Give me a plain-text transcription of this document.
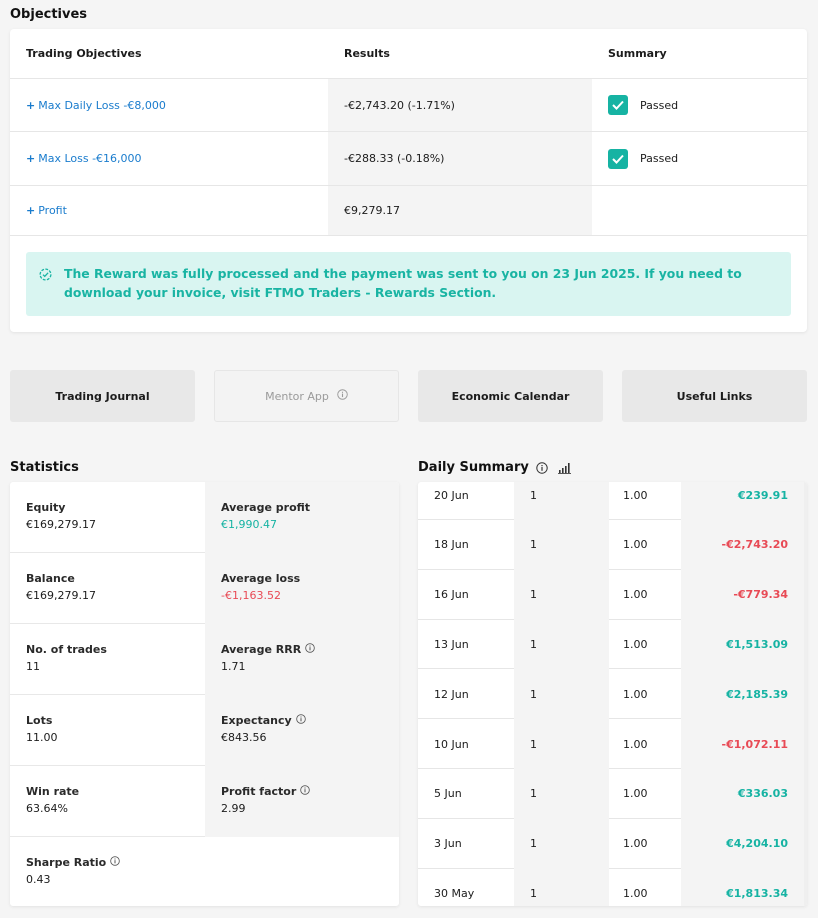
Objectives
Trading Objectives	Results	Summary
+ Max Daily Loss -€8,000	-€2,743.20 (-1.71%)	Passed
+ Max Loss -€16,000	-€288.33 (-0.18%)	Passed
+ Profit	€9,279.17
The Reward was fully processed and the payment was sent to you on 23 Jun 2025. If you need to download your invoice, visit FTMO Traders - Rewards Section.
Trading Journal	Mentor App	Economic Calendar	Useful Links
Statistics
Equity
€169,279.17
Average profit
€1,990.47
Balance
€169,279.17
Average loss
-€1,163.52
No. of trades
11
Average RRR
1.71
Lots
11.00
Expectancy
€843.56
Win rate
63.64%
Profit factor
2.99
Sharpe Ratio
0.43
Daily Summary
20 Jun	1	1.00	€239.91
18 Jun	1	1.00	-€2,743.20
16 Jun	1	1.00	-€779.34
13 Jun	1	1.00	€1,513.09
12 Jun	1	1.00	€2,185.39
10 Jun	1	1.00	-€1,072.11
5 Jun	1	1.00	€336.03
3 Jun	1	1.00	€4,204.10
30 May	1	1.00	€1,813.34
